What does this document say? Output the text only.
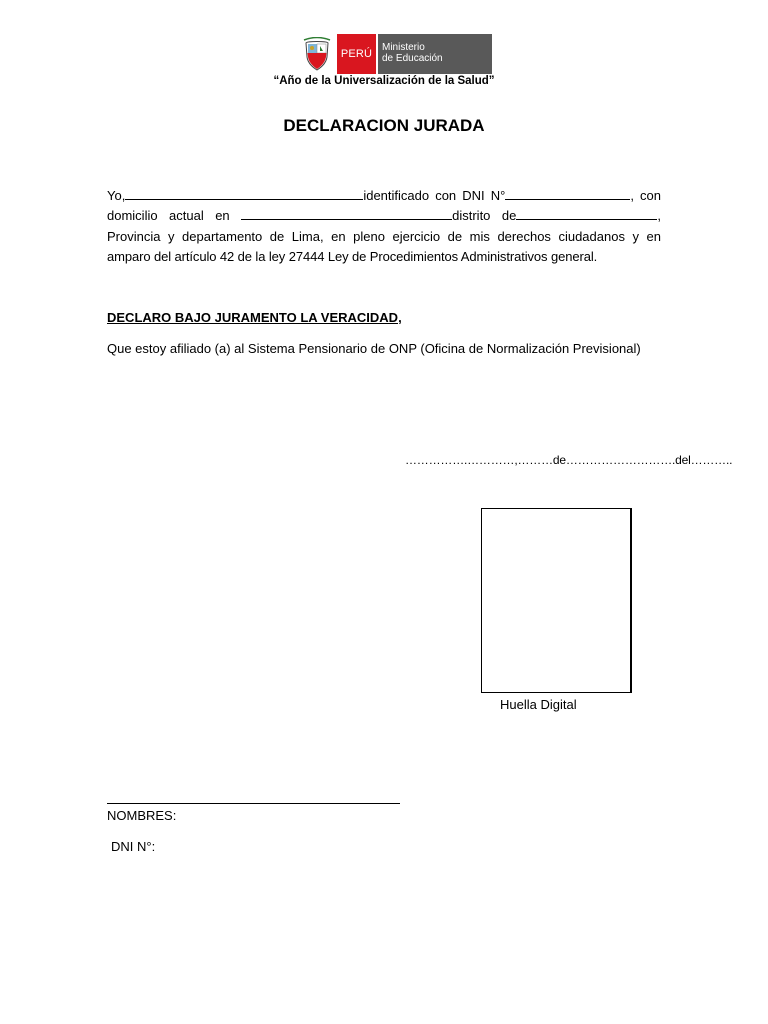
PERÚ
Ministerio
de Educación
“Año de la Universalización de la Salud”
DECLARACION JURADA
Yo,	identificado con DNI N°	, con
domicilio actual en	distrito de	,
Provincia y departamento de Lima, en pleno ejercicio de mis derechos ciudadanos y en
amparo del artículo 42 de la ley 27444 Ley de Procedimientos Administrativos general.
DECLARO BAJO JURAMENTO LA VERACIDAD,
Que estoy afiliado (a) al Sistema Pensionario de ONP (Oficina de Normalización Previsional)
…………….…………,………de……………………….del………..
Huella Digital
NOMBRES:
DNI N°:
